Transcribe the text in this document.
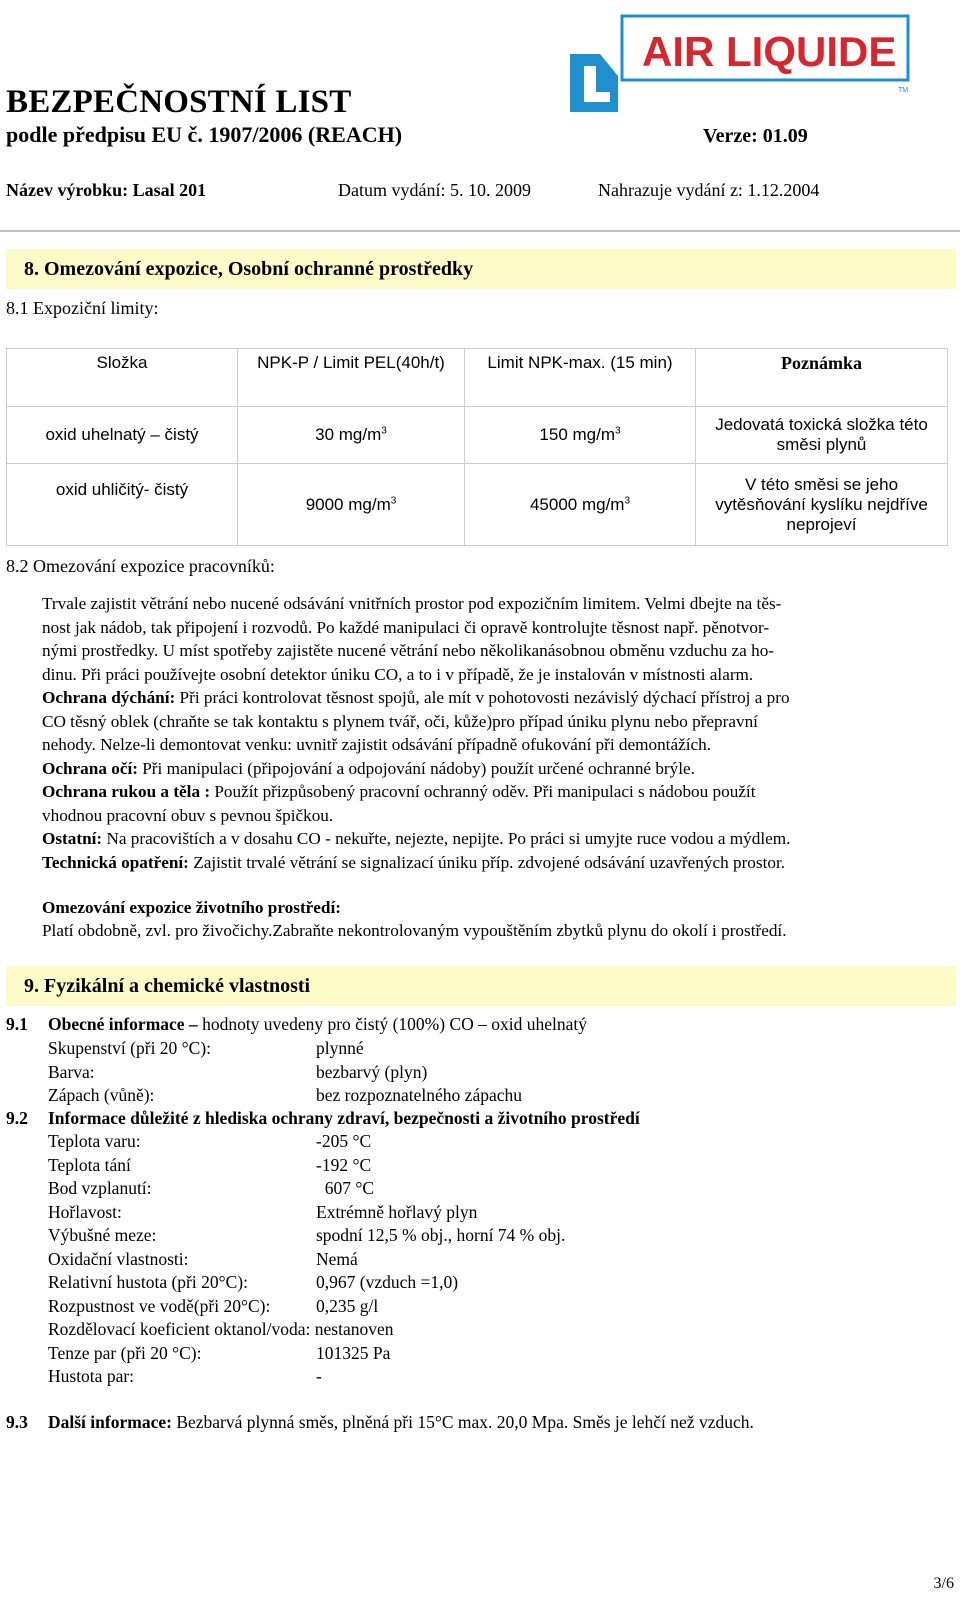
AIR LIQUIDE
TM
BEZPEČNOSTNÍ LIST
podle předpisu EU č. 1907/2006 (REACH)	Verze: 01.09
Název výrobku: Lasal 201	Datum vydání: 5. 10. 2009	Nahrazuje vydání z: 1.12.2004
8. Omezování expozice, Osobní ochranné prostředky
8.1 Expoziční limity:
Složka	NPK-P / Limit PEL(40h/t)	Limit NPK-max. (15 min)	Poznámka
oxid uhelnatý – čistý	30 $mg/m^3$	150 $mg/m^3$	Jedovatá toxická složka této směsi plynů
oxid uhličitý- čistý	9000 $mg/m^3$	45000 $mg/m^3$	V této směsi se jeho vytěsňování kyslíku nejdříve neprojeví
8.2 Omezování expozice pracovníků:
Trvale zajistit větrání nebo nucené odsávání vnitřních prostor pod expozičním limitem. Velmi dbejte na těs-
nost jak nádob, tak připojení i rozvodů. Po každé manipulaci či opravě kontrolujte těsnost např. pěnotvor-
nými prostředky. U míst spotřeby zajistěte nucené větrání nebo několikanásobnou obměnu vzduchu za ho-
dinu. Při práci používejte osobní detektor úniku CO, a to i v případě, že je instalován v místnosti alarm.
Ochrana dýchání: Při práci kontrolovat těsnost spojů, ale mít v pohotovosti nezávislý dýchací přístroj a pro
CO těsný oblek (chraňte se tak kontaktu s plynem tvář, oči, kůže)pro případ úniku plynu nebo přepravní
nehody. Nelze-li demontovat venku: uvnitř zajistit odsávání případně ofukování při demontážích.
Ochrana očí: Při manipulaci (připojování a odpojování nádoby) použít určené ochranné brýle.
Ochrana rukou a těla : Použít přizpůsobený pracovní ochranný oděv. Při manipulaci s nádobou použít
vhodnou pracovní obuv s pevnou špičkou.
Ostatní: Na pracovištích a v dosahu CO - nekuřte, nejezte, nepijte. Po práci si umyjte ruce vodou a mýdlem.
Technická opatření: Zajistit trvalé větrání se signalizací úniku příp. zdvojené odsávání uzavřených prostor.
Omezování expozice životního prostředí:
Platí obdobně, zvl. pro živočichy.Zabraňte nekontrolovaným vypouštěním zbytků plynu do okolí i prostředí.
9. Fyzikální a chemické vlastnosti
9.1 Obecné informace – hodnoty uvedeny pro čistý (100%) CO – oxid uhelnatý
Skupenství (při 20 °C):	plynné
Barva:	bezbarvý (plyn)
Zápach (vůně):	bez rozpoznatelného zápachu
9.2 Informace důležité z hlediska ochrany zdraví, bezpečnosti a životního prostředí
Teplota varu:	-205 °C
Teplota tání	-192 °C
Bod vzplanutí:	607 °C
Hořlavost:	Extrémně hořlavý plyn
Výbušné meze:	spodní 12,5 % obj., horní 74 % obj.
Oxidační vlastnosti:	Nemá
Relativní hustota (při 20°C):	0,967 (vzduch =1,0)
Rozpustnost ve vodě(při 20°C):	0,235 g/l
Rozdělovací koeficient oktanol/voda: nestanoven
Tenze par (při 20 °C):	101325 Pa
Hustota par:	-
9.3 Další informace: Bezbarvá plynná směs, plněná při 15°C max. 20,0 Mpa. Směs je lehčí než vzduch.
3/6
